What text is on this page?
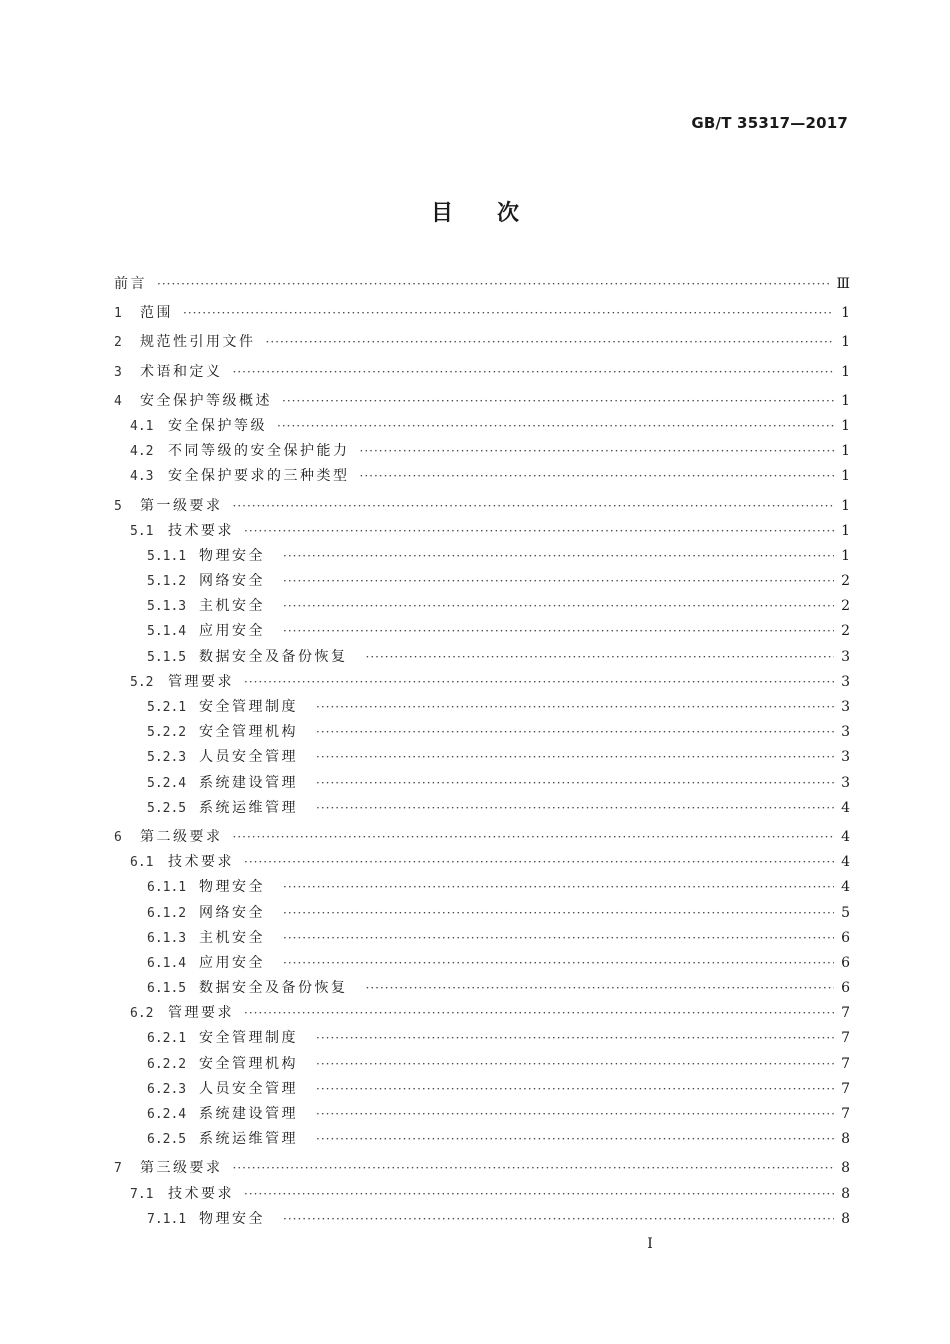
GB/T 35317—2017
目次
前言 ·····	Ⅲ
1	范围 ·····	1
2	规范性引用文件 ·····	1
3	术语和定义 ·····	1
4	安全保护等级概述 ·····	1
4.1	安全保护等级 ·····	1
4.2	不同等级的安全保护能力 ·····	1
4.3	安全保护要求的三种类型 ·····	1
5	第一级要求 ·····	1
5.1	技术要求 ·····	1
5.1.1 物理安全 ·····	1
5.1.2 网络安全 ·····	2
5.1.3 主机安全 ·····	2
5.1.4 应用安全 ·····	2
5.1.5 数据安全及备份恢复 ·····	3
5.2	管理要求 ·····	3
5.2.1 安全管理制度 ·····	3
5.2.2 安全管理机构 ·····	3
5.2.3 人员安全管理 ·····	3
5.2.4 系统建设管理 ·····	3
5.2.5 系统运维管理 ·····	4
6	第二级要求 ·····	4
6.1	技术要求 ·····	4
6.1.1 物理安全 ·····	4
6.1.2 网络安全 ·····	5
6.1.3 主机安全 ·····	6
6.1.4 应用安全 ·····	6
6.1.5 数据安全及备份恢复 ·····	6
6.2	管理要求 ·····	7
6.2.1 安全管理制度 ·····	7
6.2.2 安全管理机构 ·····	7
6.2.3 人员安全管理 ·····	7
6.2.4 系统建设管理 ·····	7
6.2.5 系统运维管理 ·····	8
7	第三级要求 ·····	8
7.1	技术要求 ·····	8
7.1.1 物理安全 ·····	8
I
